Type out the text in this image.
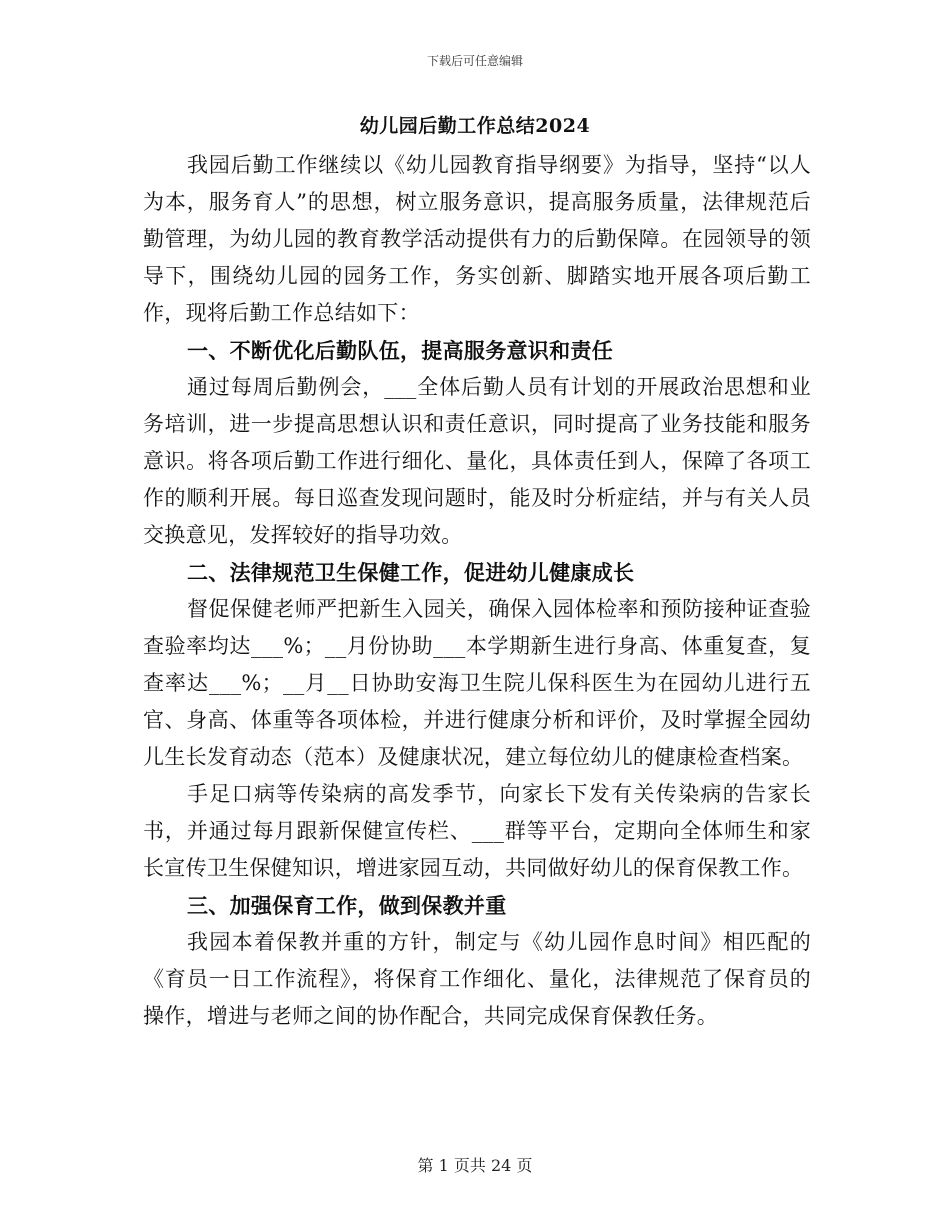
下载后可任意编辑
幼儿园后勤工作总结2024

我园后勤工作继续以《幼儿园教育指导纲要》为指导，坚持“以人为本，服务育人”的思想，树立服务意识，提高服务质量，法律规范后勤管理，为幼儿园的教育教学活动提供有力的后勤保障。在园领导的领导下，围绕幼儿园的园务工作，务实创新、脚踏实地开展各项后勤工作，现将后勤工作总结如下：

一、不断优化后勤队伍，提高服务意识和责任

通过每周后勤例会，___全体后勤人员有计划的开展政治思想和业务培训，进一步提高思想认识和责任意识，同时提高了业务技能和服务意识。将各项后勤工作进行细化、量化，具体责任到人，保障了各项工作的顺利开展。每日巡查发现问题时，能及时分析症结，并与有关人员交换意见，发挥较好的指导功效。

二、法律规范卫生保健工作，促进幼儿健康成长

督促保健老师严把新生入园关，确保入园体检率和预防接种证查验查验率均达___%；__月份协助___本学期新生进行身高、体重复查，复查率达___%；__月__日协助安海卫生院儿保科医生为在园幼儿进行五官、身高、体重等各项体检，并进行健康分析和评价，及时掌握全园幼儿生长发育动态（范本）及健康状况，建立每位幼儿的健康检查档案。

手足口病等传染病的高发季节，向家长下发有关传染病的告家长书，并通过每月跟新保健宣传栏、___群等平台，定期向全体师生和家长宣传卫生保健知识，增进家园互动，共同做好幼儿的保育保教工作。

三、加强保育工作，做到保教并重

我园本着保教并重的方针，制定与《幼儿园作息时间》相匹配的《育员一日工作流程》，将保育工作细化、量化，法律规范了保育员的操作，增进与老师之间的协作配合，共同完成保育保教任务。

第 1 页共 24 页
